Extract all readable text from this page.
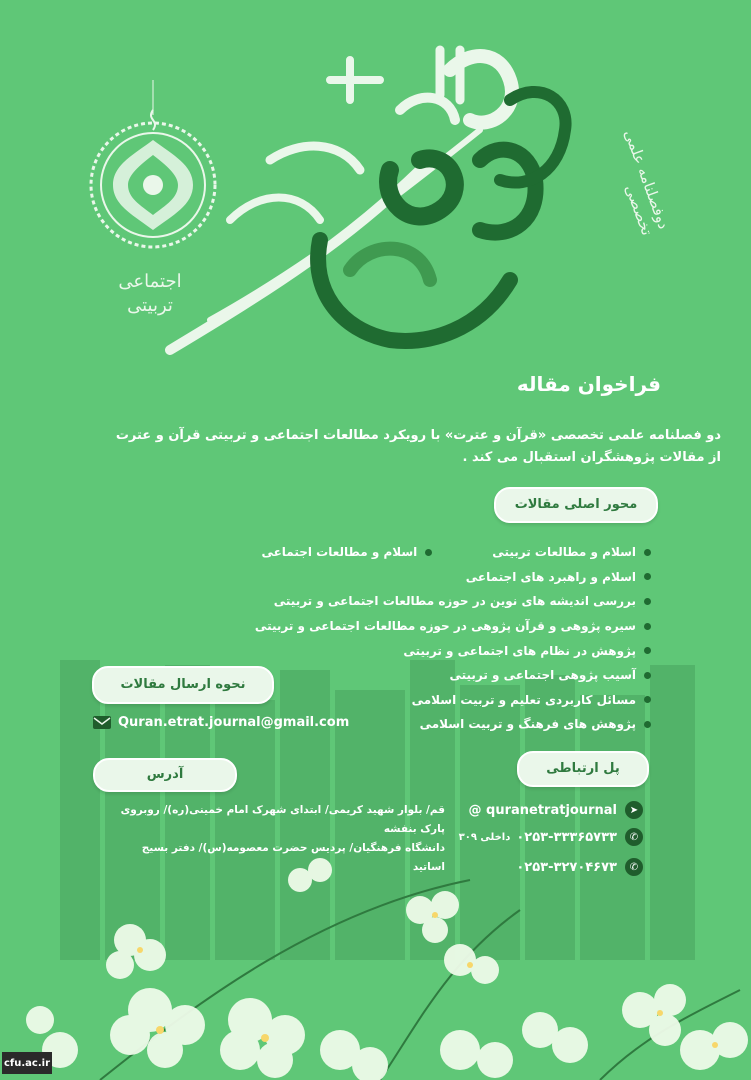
اجتماعی
تربیتی
دوفصلنامه علمی تخصصی
فراخوان مقاله
دو فصلنامه علمی تخصصی «قرآن و عترت» با رویکرد مطالعات اجتماعی و تربیتی قرآن و عترت
از مقالات پژوهشگران استقبال می کند .
محور اصلی مقالات
اسلام و مطالعات تربیتی
اسلام و مطالعات اجتماعی
اسلام و راهبرد های اجتماعی
بررسی اندیشه های نوین در حوزه مطالعات اجتماعی و تربیتی
سیره پژوهی و قرآن پژوهی در حوزه مطالعات اجتماعی و تربیتی
پژوهش در نظام های اجتماعی و تربیتی
آسیب پژوهی اجتماعی و تربیتی
مسائل کاربردی تعلیم و تربیت اسلامی
پژوهش های فرهنگ و تربیت اسلامی
نحوه ارسال مقالات
Quran.etrat.journal@gmail.com
آدرس
قم/ بلوار شهید کریمی/ ابتدای شهرک امام خمینی(ره)/ روبروی پارک بنفشه
دانشگاه فرهنگیان/ پردیس حضرت معصومه(س)/ دفتر بسیج اساتید
پل ارتباطی
@ quranetratjournal	➤
داخلی ۳۰۹ ۰۲۵۳-۳۳۳۶۵۷۳۳	✆
۰۲۵۳-۳۲۷۰۴۶۷۳	✆
cfu.ac.ir
